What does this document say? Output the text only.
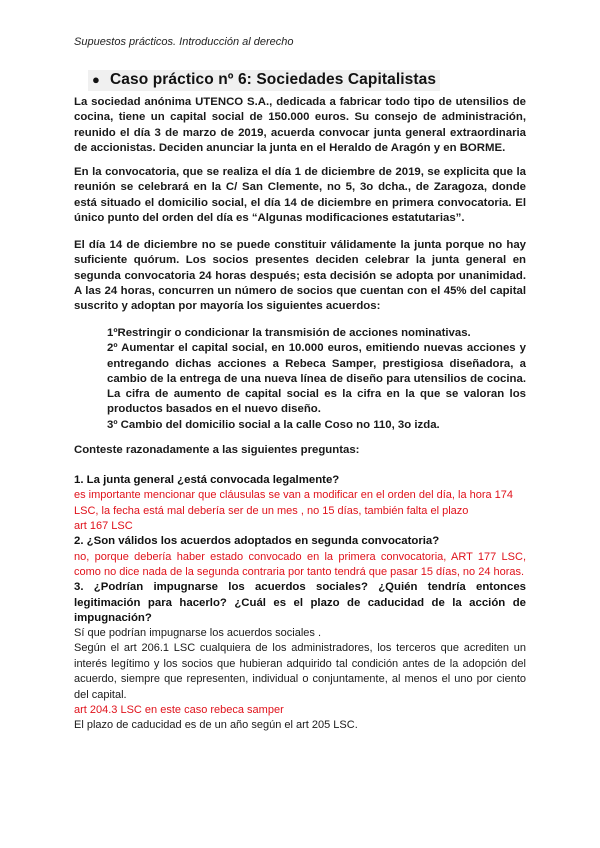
Supuestos prácticos. Introducción al derecho
● Caso práctico nº 6: Sociedades Capitalistas

La sociedad anónima UTENCO S.A., dedicada a fabricar todo tipo de utensilios de cocina, tiene un capital social de 150.000 euros. Su consejo de administración, reunido el día 3 de marzo de 2019, acuerda convocar junta general extraordinaria de accionistas. Deciden anunciar la junta en el Heraldo de Aragón y en BORME.

En la convocatoria, que se realiza el día 1 de diciembre de 2019, se explicita que la reunión se celebrará en la C/ San Clemente, no 5, 3o dcha., de Zaragoza, donde está situado el domicilio social, el día 14 de diciembre en primera convocatoria. El único punto del orden del día es “Algunas modificaciones estatutarias”.

El día 14 de diciembre no se puede constituir válidamente la junta porque no hay suficiente quórum. Los socios presentes deciden celebrar la junta general en segunda convocatoria 24 horas después; esta decisión se adopta por unanimidad. A las 24 horas, concurren un número de socios que cuentan con el 45% del capital suscrito y adoptan por mayoría los siguientes acuerdos:

1ºRestringir o condicionar la transmisión de acciones nominativas.

2º Aumentar el capital social, en 10.000 euros, emitiendo nuevas acciones y entregando dichas acciones a Rebeca Samper, prestigiosa diseñadora, a cambio de la entrega de una nueva línea de diseño para utensilios de cocina. La cifra de aumento de capital social es la cifra en la que se valoran los productos basados en el nuevo diseño.

3º Cambio del domicilio social a la calle Coso no 110, 3o izda.

Conteste razonadamente a las siguientes preguntas:

1. La junta general ¿está convocada legalmente?

es importante mencionar que cláusulas se van a modificar en el orden del día, la hora 174 LSC, la fecha está mal debería ser de un mes , no 15 días, también falta el plazo

art 167 LSC

2. ¿Son válidos los acuerdos adoptados en segunda convocatoria?

no, porque debería haber estado convocado en la primera convocatoria, ART 177 LSC, como no dice nada de la segunda contraria por tanto tendrá que pasar 15 días, no 24 horas.

3. ¿Podrían impugnarse los acuerdos sociales? ¿Quién tendría entonces legitimación para hacerlo? ¿Cuál es el plazo de caducidad de la acción de impugnación?

Sí que podrían impugnarse los acuerdos sociales .

Según el art 206.1 LSC cualquiera de los administradores, los terceros que acrediten un interés legítimo y los socios que hubieran adquirido tal condición antes de la adopción del acuerdo, siempre que representen, individual o conjuntamente, al menos el uno por ciento del capital.

art 204.3 LSC en este caso rebeca samper

El plazo de caducidad es de un año según el art 205 LSC.
